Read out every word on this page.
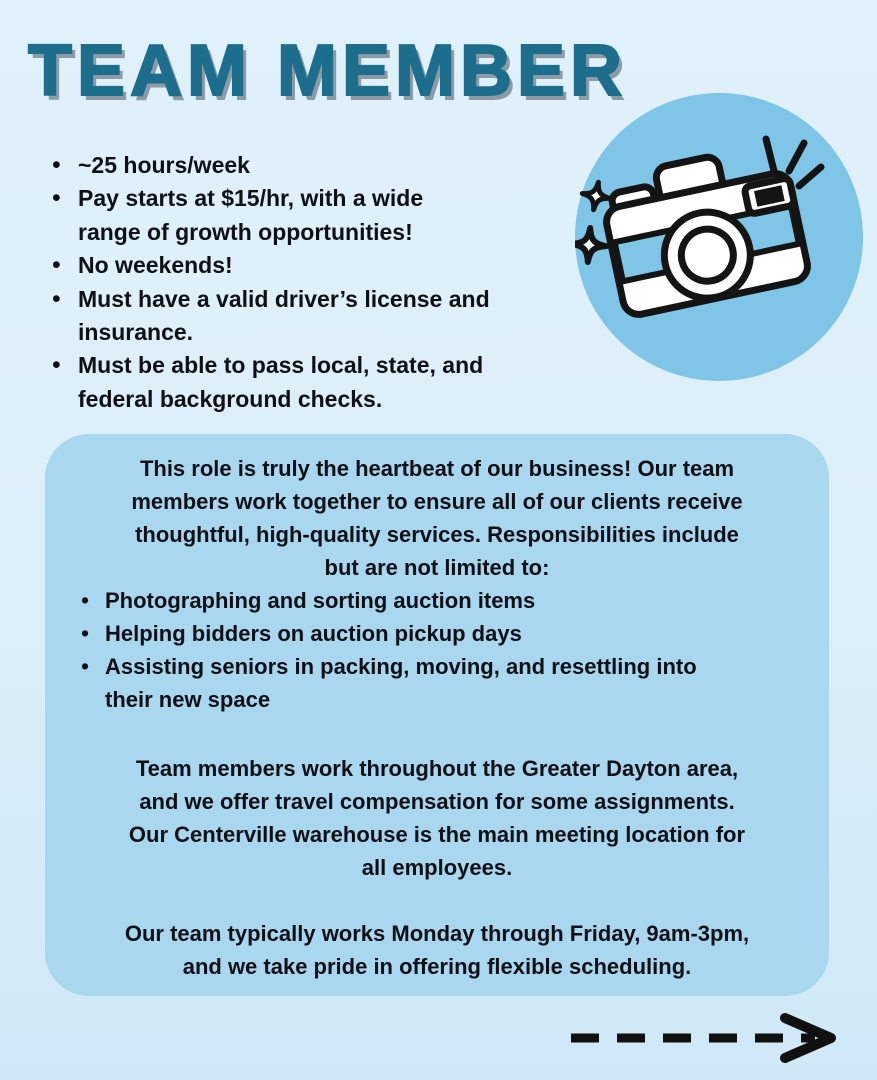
TEAM MEMBER
• ~25 hours/week
• Pay starts at $15/hr, with a wide
range of growth opportunities!
• No weekends!
• Must have a valid driver’s license and
insurance.
• Must be able to pass local, state, and
federal background checks.
This role is truly the heartbeat of our business! Our team
members work together to ensure all of our clients receive
thoughtful, high-quality services. Responsibilities include
but are not limited to:
• Photographing and sorting auction items
• Helping bidders on auction pickup days
• Assisting seniors in packing, moving, and resettling into
their new space
Team members work throughout the Greater Dayton area,
and we offer travel compensation for some assignments.
Our Centerville warehouse is the main meeting location for
all employees.
Our team typically works Monday through Friday, 9am-3pm,
and we take pride in offering flexible scheduling.
